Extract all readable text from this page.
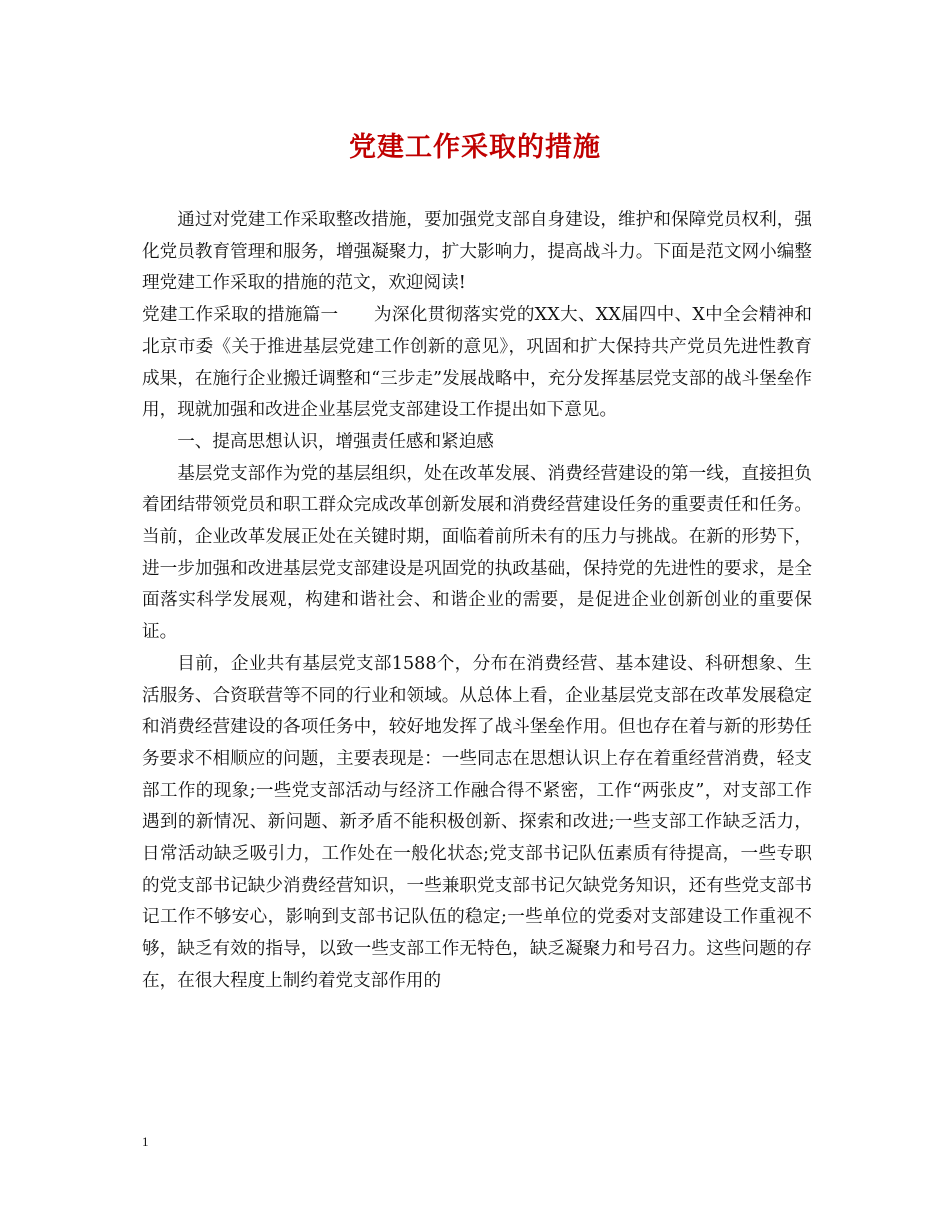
党建工作采取的措施

通过对党建工作采取整改措施，要加强党支部自身建设，维护和保障党员权利，强化党员教育管理和服务，增强凝聚力，扩大影响力，提高战斗力。下面是范文网小编整理党建工作采取的措施的范文，欢迎阅读!

党建工作采取的措施篇一　　为深化贯彻落实党的XX大、XX届四中、X中全会精神和北京市委《关于推进基层党建工作创新的意见》，巩固和扩大保持共产党员先进性教育成果，在施行企业搬迁调整和“三步走”发展战略中，充分发挥基层党支部的战斗堡垒作用，现就加强和改进企业基层党支部建设工作提出如下意见。

一、提高思想认识，增强责任感和紧迫感

基层党支部作为党的基层组织，处在改革发展、消费经营建设的第一线，直接担负着团结带领党员和职工群众完成改革创新发展和消费经营建设任务的重要责任和任务。当前，企业改革发展正处在关键时期，面临着前所未有的压力与挑战。在新的形势下，进一步加强和改进基层党支部建设是巩固党的执政基础，保持党的先进性的要求，是全面落实科学发展观，构建和谐社会、和谐企业的需要，是促进企业创新创业的重要保证。

目前，企业共有基层党支部1588个，分布在消费经营、基本建设、科研想象、生活服务、合资联营等不同的行业和领域。从总体上看，企业基层党支部在改革发展稳定和消费经营建设的各项任务中，较好地发挥了战斗堡垒作用。但也存在着与新的形势任务要求不相顺应的问题，主要表现是：一些同志在思想认识上存在着重经营消费，轻支部工作的现象;一些党支部活动与经济工作融合得不紧密，工作“两张皮”，对支部工作遇到的新情况、新问题、新矛盾不能积极创新、探索和改进;一些支部工作缺乏活力，日常活动缺乏吸引力，工作处在一般化状态;党支部书记队伍素质有待提高，一些专职的党支部书记缺少消费经营知识，一些兼职党支部书记欠缺党务知识，还有些党支部书记工作不够安心，影响到支部书记队伍的稳定;一些单位的党委对支部建设工作重视不够，缺乏有效的指导，以致一些支部工作无特色，缺乏凝聚力和号召力。这些问题的存在，在很大程度上制约着党支部作用的

1
